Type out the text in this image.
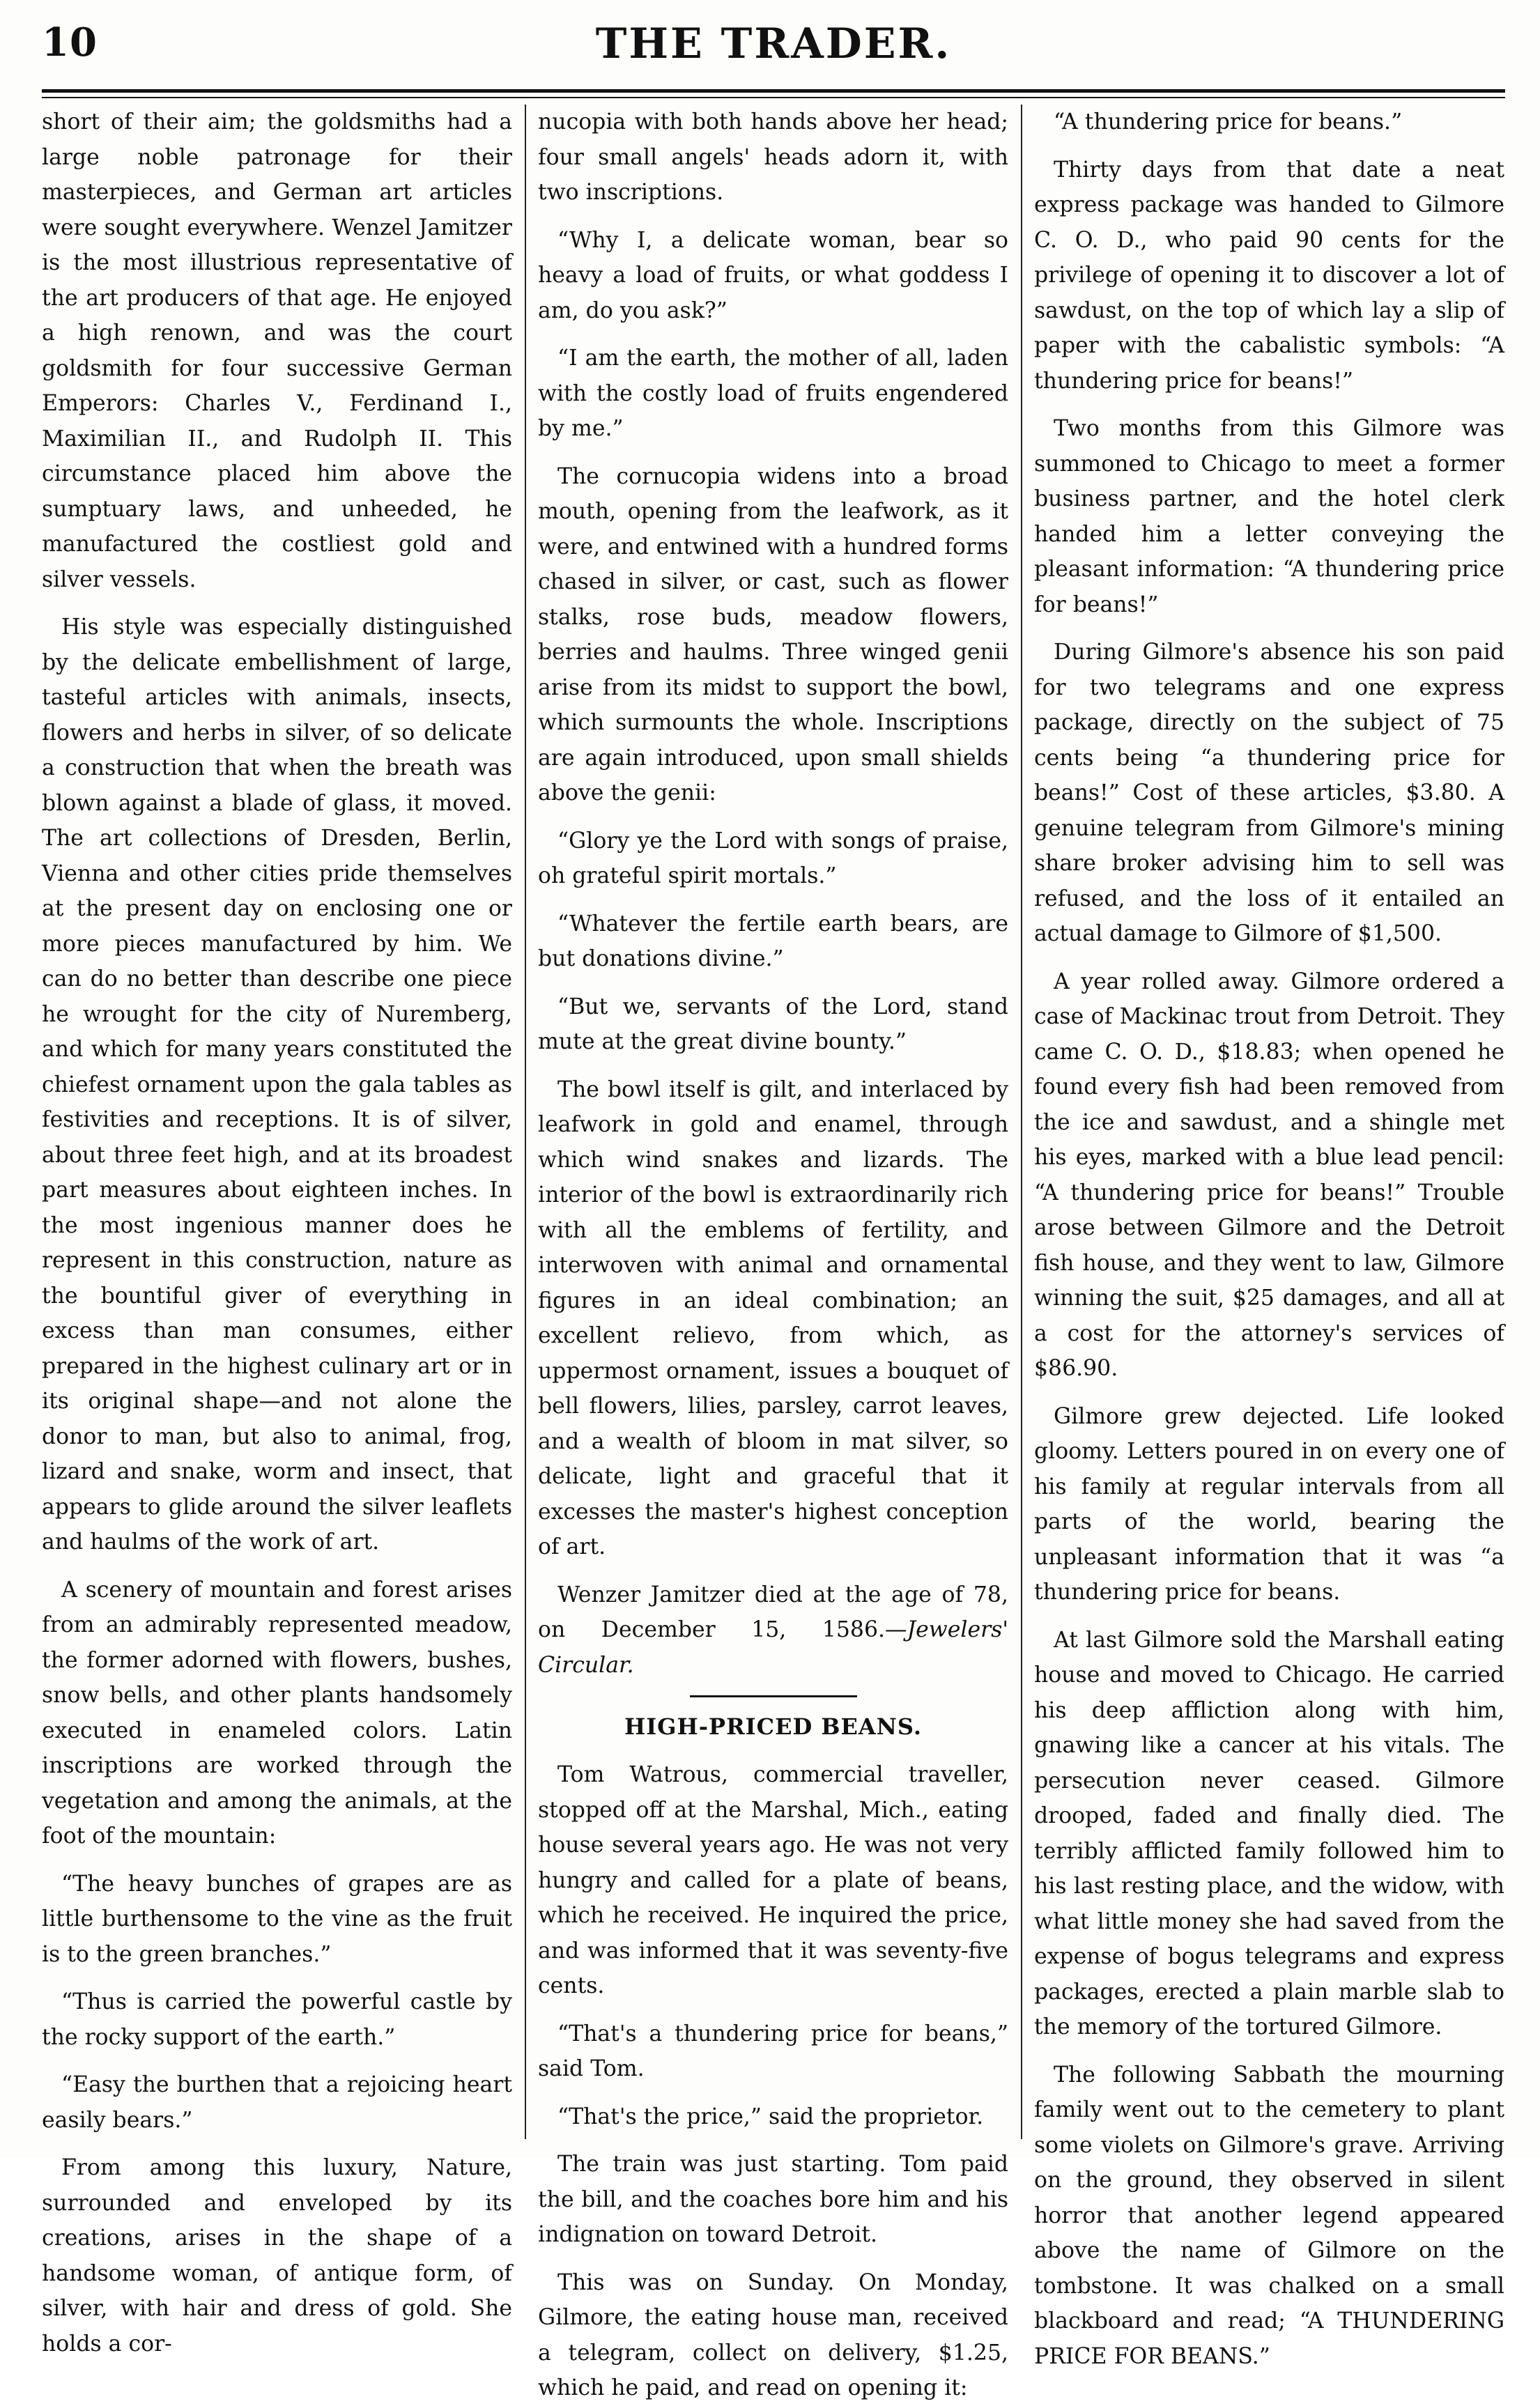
10	THE TRADER.

short of their aim; the goldsmiths had a large noble patronage for their masterpieces, and German art articles were sought everywhere. Wenzel Jamitzer is the most illustrious representative of the art producers of that age. He enjoyed a high renown, and was the court goldsmith for four successive German Emperors: Charles V., Ferdinand I., Maximilian II., and Rudolph II. This circumstance placed him above the sumptuary laws, and unheeded, he manufactured the costliest gold and silver vessels.

His style was especially distinguished by the delicate embellishment of large, tasteful articles with animals, insects, flowers and herbs in silver, of so delicate a construction that when the breath was blown against a blade of glass, it moved. The art collections of Dresden, Berlin, Vienna and other cities pride themselves at the present day on enclosing one or more pieces manufactured by him. We can do no better than describe one piece he wrought for the city of Nuremberg, and which for many years constituted the chiefest ornament upon the gala tables as festivities and receptions. It is of silver, about three feet high, and at its broadest part measures about eighteen inches. In the most ingenious manner does he represent in this construction, nature as the bountiful giver of everything in excess than man consumes, either prepared in the highest culinary art or in its original shape—and not alone the donor to man, but also to animal, frog, lizard and snake, worm and insect, that appears to glide around the silver leaflets and haulms of the work of art.

A scenery of mountain and forest arises from an admirably represented meadow, the former adorned with flowers, bushes, snow bells, and other plants handsomely executed in enameled colors. Latin inscriptions are worked through the vegetation and among the animals, at the foot of the mountain:

“The heavy bunches of grapes are as little burthensome to the vine as the fruit is to the green branches.”

“Thus is carried the powerful castle by the rocky support of the earth.”

“Easy the burthen that a rejoicing heart easily bears.”

From among this luxury, Nature, surrounded and enveloped by its creations, arises in the shape of a handsome woman, of antique form, of silver, with hair and dress of gold. She holds a cor-

nucopia with both hands above her head; four small angels' heads adorn it, with two inscriptions.

“Why I, a delicate woman, bear so heavy a load of fruits, or what goddess I am, do you ask?”

“I am the earth, the mother of all, laden with the costly load of fruits engendered by me.”

The cornucopia widens into a broad mouth, opening from the leafwork, as it were, and entwined with a hundred forms chased in silver, or cast, such as flower stalks, rose buds, meadow flowers, berries and haulms. Three winged genii arise from its midst to support the bowl, which surmounts the whole. Inscriptions are again introduced, upon small shields above the genii:

“Glory ye the Lord with songs of praise, oh grateful spirit mortals.”

“Whatever the fertile earth bears, are but donations divine.”

“But we, servants of the Lord, stand mute at the great divine bounty.”

The bowl itself is gilt, and interlaced by leafwork in gold and enamel, through which wind snakes and lizards. The interior of the bowl is extraordinarily rich with all the emblems of fertility, and interwoven with animal and ornamental figures in an ideal combination; an excellent relievo, from which, as uppermost ornament, issues a bouquet of bell flowers, lilies, parsley, carrot leaves, and a wealth of bloom in mat silver, so delicate, light and graceful that it excesses the master's highest conception of art.

Wenzer Jamitzer died at the age of 78, on December 15, 1586.—Jewelers' Circular.

HIGH-PRICED BEANS.

Tom Watrous, commercial traveller, stopped off at the Marshal, Mich., eating house several years ago. He was not very hungry and called for a plate of beans, which he received. He inquired the price, and was informed that it was seventy-five cents.

“That's a thundering price for beans,” said Tom.

“That's the price,” said the proprietor.

The train was just starting. Tom paid the bill, and the coaches bore him and his indignation on toward Detroit.

This was on Sunday. On Monday, Gilmore, the eating house man, received a telegram, collect on delivery, $1.25, which he paid, and read on opening it:

“A thundering price for beans.”

Thirty days from that date a neat express package was handed to Gilmore C. O. D., who paid 90 cents for the privilege of opening it to discover a lot of sawdust, on the top of which lay a slip of paper with the cabalistic symbols: “A thundering price for beans!”

Two months from this Gilmore was summoned to Chicago to meet a former business partner, and the hotel clerk handed him a letter conveying the pleasant information: “A thundering price for beans!”

During Gilmore's absence his son paid for two telegrams and one express package, directly on the subject of 75 cents being “a thundering price for beans!” Cost of these articles, $3.80. A genuine telegram from Gilmore's mining share broker advising him to sell was refused, and the loss of it entailed an actual damage to Gilmore of $1,500.

A year rolled away. Gilmore ordered a case of Mackinac trout from Detroit. They came C. O. D., $18.83; when opened he found every fish had been removed from the ice and sawdust, and a shingle met his eyes, marked with a blue lead pencil: “A thundering price for beans!” Trouble arose between Gilmore and the Detroit fish house, and they went to law, Gilmore winning the suit, $25 damages, and all at a cost for the attorney's services of $86.90.

Gilmore grew dejected. Life looked gloomy. Letters poured in on every one of his family at regular intervals from all parts of the world, bearing the unpleasant information that it was “a thundering price for beans.

At last Gilmore sold the Marshall eating house and moved to Chicago. He carried his deep affliction along with him, gnawing like a cancer at his vitals. The persecution never ceased. Gilmore drooped, faded and finally died. The terribly afflicted family followed him to his last resting place, and the widow, with what little money she had saved from the expense of bogus telegrams and express packages, erected a plain marble slab to the memory of the tortured Gilmore.

The following Sabbath the mourning family went out to the cemetery to plant some violets on Gilmore's grave. Arriving on the ground, they observed in silent horror that another legend appeared above the name of Gilmore on the tombstone. It was chalked on a small blackboard and read; “A THUNDERING PRICE FOR BEANS.”
